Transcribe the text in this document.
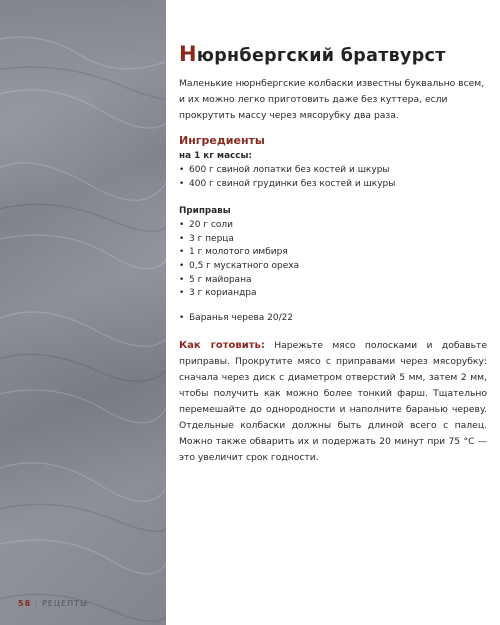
Нюрнбергский братвурст

Маленькие нюрнбергские колбаски известны буквально всем, и их можно легко приготовить даже без куттера, если прокрутить массу через мясорубку два раза.

Ингредиенты
на 1 кг массы:
• 600 г свиной лопатки без костей и шкуры
• 400 г свиной грудинки без костей и шкуры
Приправы
• 20 г соли
• 3 г перца
• 1 г молотого имбиря
• 0,5 г мускатного ореха
• 5 г майорана
• 3 г кориандра
• Баранья черева 20/22

Как готовить: Нарежьте мясо полосками и добавьте приправы. Прокрутите мясо с приправами через мясорубку: сначала через диск с диаметром отверстий 5 мм, затем 2 мм, чтобы получить как можно более тонкий фарш. Тщательно перемешайте до однородности и наполните баранью черевy. Отдельные колбаски должны быть длиной всего с палец. Можно также обварить их и подержать 20 минут при 75 °С — это увеличит срок годности.

58 | РЕЦЕПТЫ
